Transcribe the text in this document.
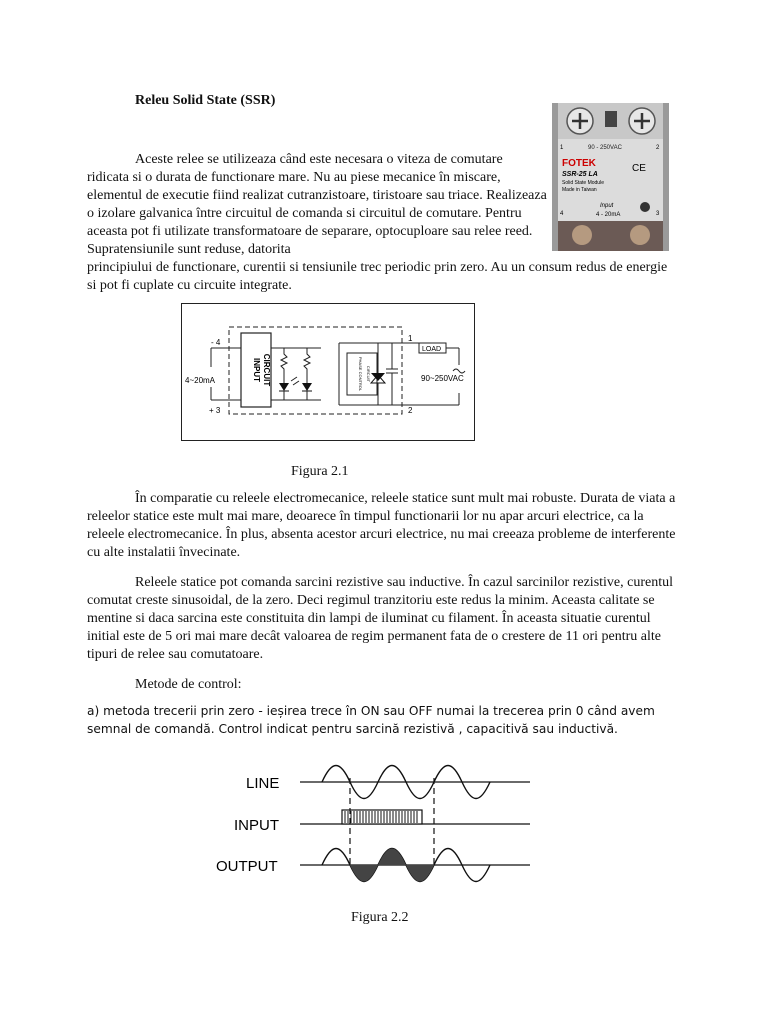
Releu Solid State (SSR)
1	2
90 - 250VAC
FOTEK
SSR-25 LA
Solid State Module
Made in Taiwan
CE
4	3
Input
4 - 20mA

Aceste relee se utilizeaza când este necesara o viteza de comutare ridicata si o durata de functionare mare. Nu au piese mecanice în miscare, elementul de executie fiind realizat cutranzistoare, tiristoare sau triace. Realizeaza o izolare galvanica între circuitul de comanda si circuitul de comutare. Pentru aceasta pot fi utilizate transformatoare de separare, optocuploare sau relee reed. Supratensiunile sunt reduse, datorita

principiului de functionare, curentii si tensiunile trec periodic prin zero. Au un consum redus de energie si pot fi cuplate cu circuite integrate.

INPUT CIRCUIT
- 4
+ 3
4~20mA	PHASE CONTROL CIRCUIT
1
2
LOAD
90~250VAC
Figura 2.1

În comparatie cu releele electromecanice, releele statice sunt mult mai robuste. Durata de viata a releelor statice este mult mai mare, deoarece în timpul functionarii lor nu apar arcuri electrice, ca la releele electromecanice. În plus, absenta acestor arcuri electrice, nu mai creeaza probleme de interferente cu alte instalatii învecinate.

Releele statice pot comanda sarcini rezistive sau inductive. În cazul sarcinilor rezistive, curentul comutat creste sinusoidal, de la zero. Deci regimul tranzitoriu este redus la minim. Aceasta calitate se mentine si daca sarcina este constituita din lampi de iluminat cu filament. În aceasta situatie curentul initial este de 5 ori mai mare decât valoarea de regim permanent fata de o crestere de 11 ori pentru alte tipuri de relee sau comutatoare.

Metode de control:

a) metoda trecerii prin zero - ieșirea trece în ON sau OFF numai la trecerea prin 0 când avem semnal de comandă. Control indicat pentru sarcină rezistivă , capacitivă sau inductivă.

LINE
INPUT
OUTPUT
Figura 2.2
